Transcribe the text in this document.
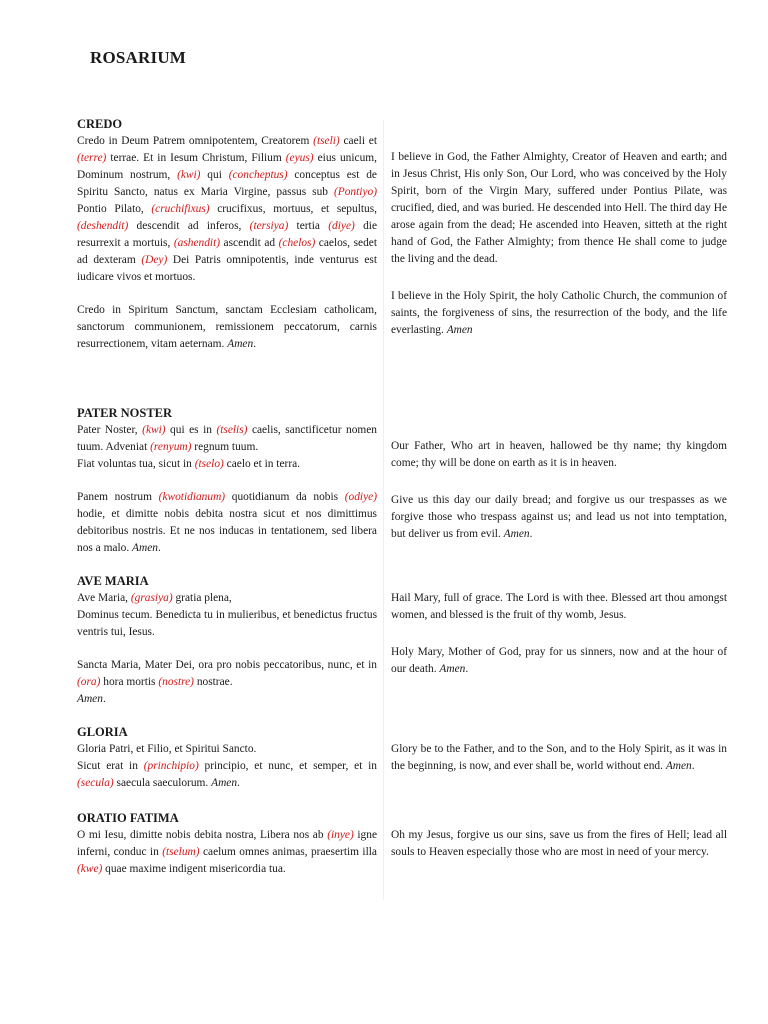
ROSARIUM
CREDO

Credo in Deum Patrem omnipotentem, Creatorem (tseli) caeli et (terre) terrae. Et in Iesum Christum, Filium (eyus) eius unicum, Dominum nostrum, (kwi) qui (concheptus) conceptus est de Spiritu Sancto, natus ex Maria Virgine, passus sub (Pontiyo) Pontio Pilato, (cruchifixus) crucifixus, mortuus, et sepultus, (deshendit) descendit ad inferos, (tersiya) tertia (diye) die resurrexit a mortuis, (ashendit) ascendit ad (chelos) caelos, sedet ad dexteram (Dey) Dei Patris omnipotentis, inde venturus est iudicare vivos et mortuos.

Credo in Spiritum Sanctum, sanctam Ecclesiam catholicam, sanctorum communionem, remissionem peccatorum, carnis resurrectionem, vitam aeternam. Amen.

I believe in God, the Father Almighty, Creator of Heaven and earth; and in Jesus Christ, His only Son, Our Lord, who was conceived by the Holy Spirit, born of the Virgin Mary, suffered under Pontius Pilate, was crucified, died, and was buried. He descended into Hell. The third day He arose again from the dead; He ascended into Heaven, sitteth at the right hand of God, the Father Almighty; from thence He shall come to judge the living and the dead.

I believe in the Holy Spirit, the holy Catholic Church, the communion of saints, the forgiveness of sins, the resurrection of the body, and the life everlasting. Amen

PATER NOSTER

Pater Noster, (kwi) qui es in (tselis) caelis, sanctificetur nomen tuum. Adveniat (renyum) regnum tuum.

Fiat voluntas tua, sicut in (tselo) caelo et in terra.

Panem nostrum (kwotidianum) quotidianum da nobis (odiye) hodie, et dimitte nobis debita nostra sicut et nos dimittimus debitoribus nostris. Et ne nos inducas in tentationem, sed libera nos a malo. Amen.

Our Father, Who art in heaven, hallowed be thy name; thy kingdom come; thy will be done on earth as it is in heaven.

Give us this day our daily bread; and forgive us our trespasses as we forgive those who trespass against us; and lead us not into temptation, but deliver us from evil. Amen.

AVE MARIA

Ave Maria, (grasiya) gratia plena,

Dominus tecum. Benedicta tu in mulieribus, et benedictus fructus ventris tui, Iesus.

Sancta Maria, Mater Dei, ora pro nobis peccatoribus, nunc, et in (ora) hora mortis (nostre) nostrae.

Amen.

Hail Mary, full of grace. The Lord is with thee. Blessed art thou amongst women, and blessed is the fruit of thy womb, Jesus.

Holy Mary, Mother of God, pray for us sinners, now and at the hour of our death. Amen.

GLORIA

Gloria Patri, et Filio, et Spiritui Sancto.

Sicut erat in (princhipio) principio, et nunc, et semper, et in (secula) saecula saeculorum. Amen.

Glory be to the Father, and to the Son, and to the Holy Spirit, as it was in the beginning, is now, and ever shall be, world without end. Amen.

ORATIO FATIMA

O mi Iesu, dimitte nobis debita nostra, Libera nos ab (inye) igne inferni, conduc in (tselum) caelum omnes animas, praesertim illa (kwe) quae maxime indigent misericordia tua.

Oh my Jesus, forgive us our sins, save us from the fires of Hell; lead all souls to Heaven especially those who are most in need of your mercy.
